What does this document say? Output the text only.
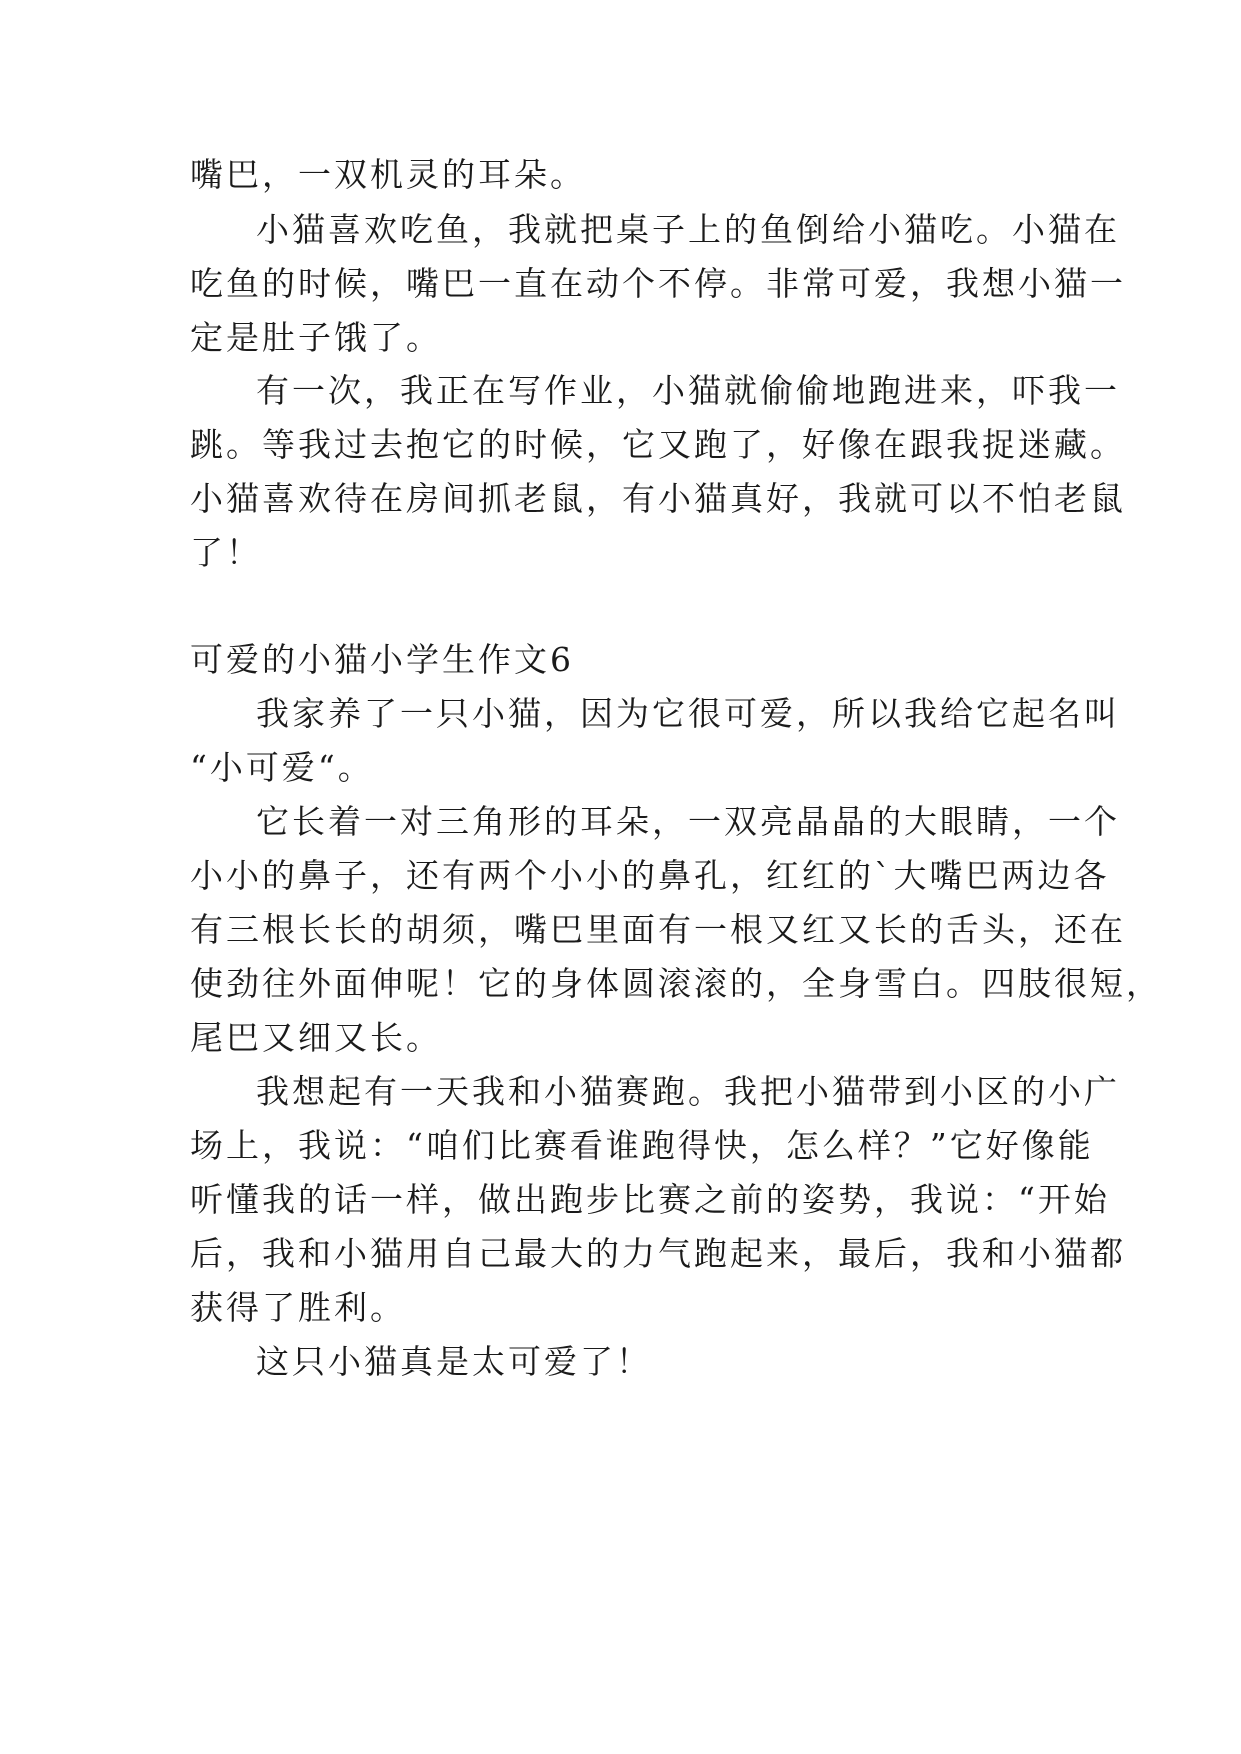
嘴巴，一双机灵的耳朵。
小猫喜欢吃鱼，我就把桌子上的鱼倒给小猫吃。小猫在
吃鱼的时候，嘴巴一直在动个不停。非常可爱，我想小猫一
定是肚子饿了。
有一次，我正在写作业，小猫就偷偷地跑进来，吓我一
跳。等我过去抱它的时候，它又跑了，好像在跟我捉迷藏。
小猫喜欢待在房间抓老鼠，有小猫真好，我就可以不怕老鼠
了！
可爱的小猫小学生作文6
我家养了一只小猫，因为它很可爱，所以我给它起名叫
“小可爱“。
它长着一对三角形的耳朵，一双亮晶晶的大眼睛，一个
小小的鼻子，还有两个小小的鼻孔，红红的`大嘴巴两边各
有三根长长的胡须，嘴巴里面有一根又红又长的舌头，还在
使劲往外面伸呢！它的身体圆滚滚的，全身雪白。四肢很短，
尾巴又细又长。
我想起有一天我和小猫赛跑。我把小猫带到小区的小广
场上，我说：“咱们比赛看谁跑得快，怎么样？”它好像能
听懂我的话一样，做出跑步比赛之前的姿势，我说：“开始
后，我和小猫用自己最大的力气跑起来，最后，我和小猫都
获得了胜利。
这只小猫真是太可爱了！
